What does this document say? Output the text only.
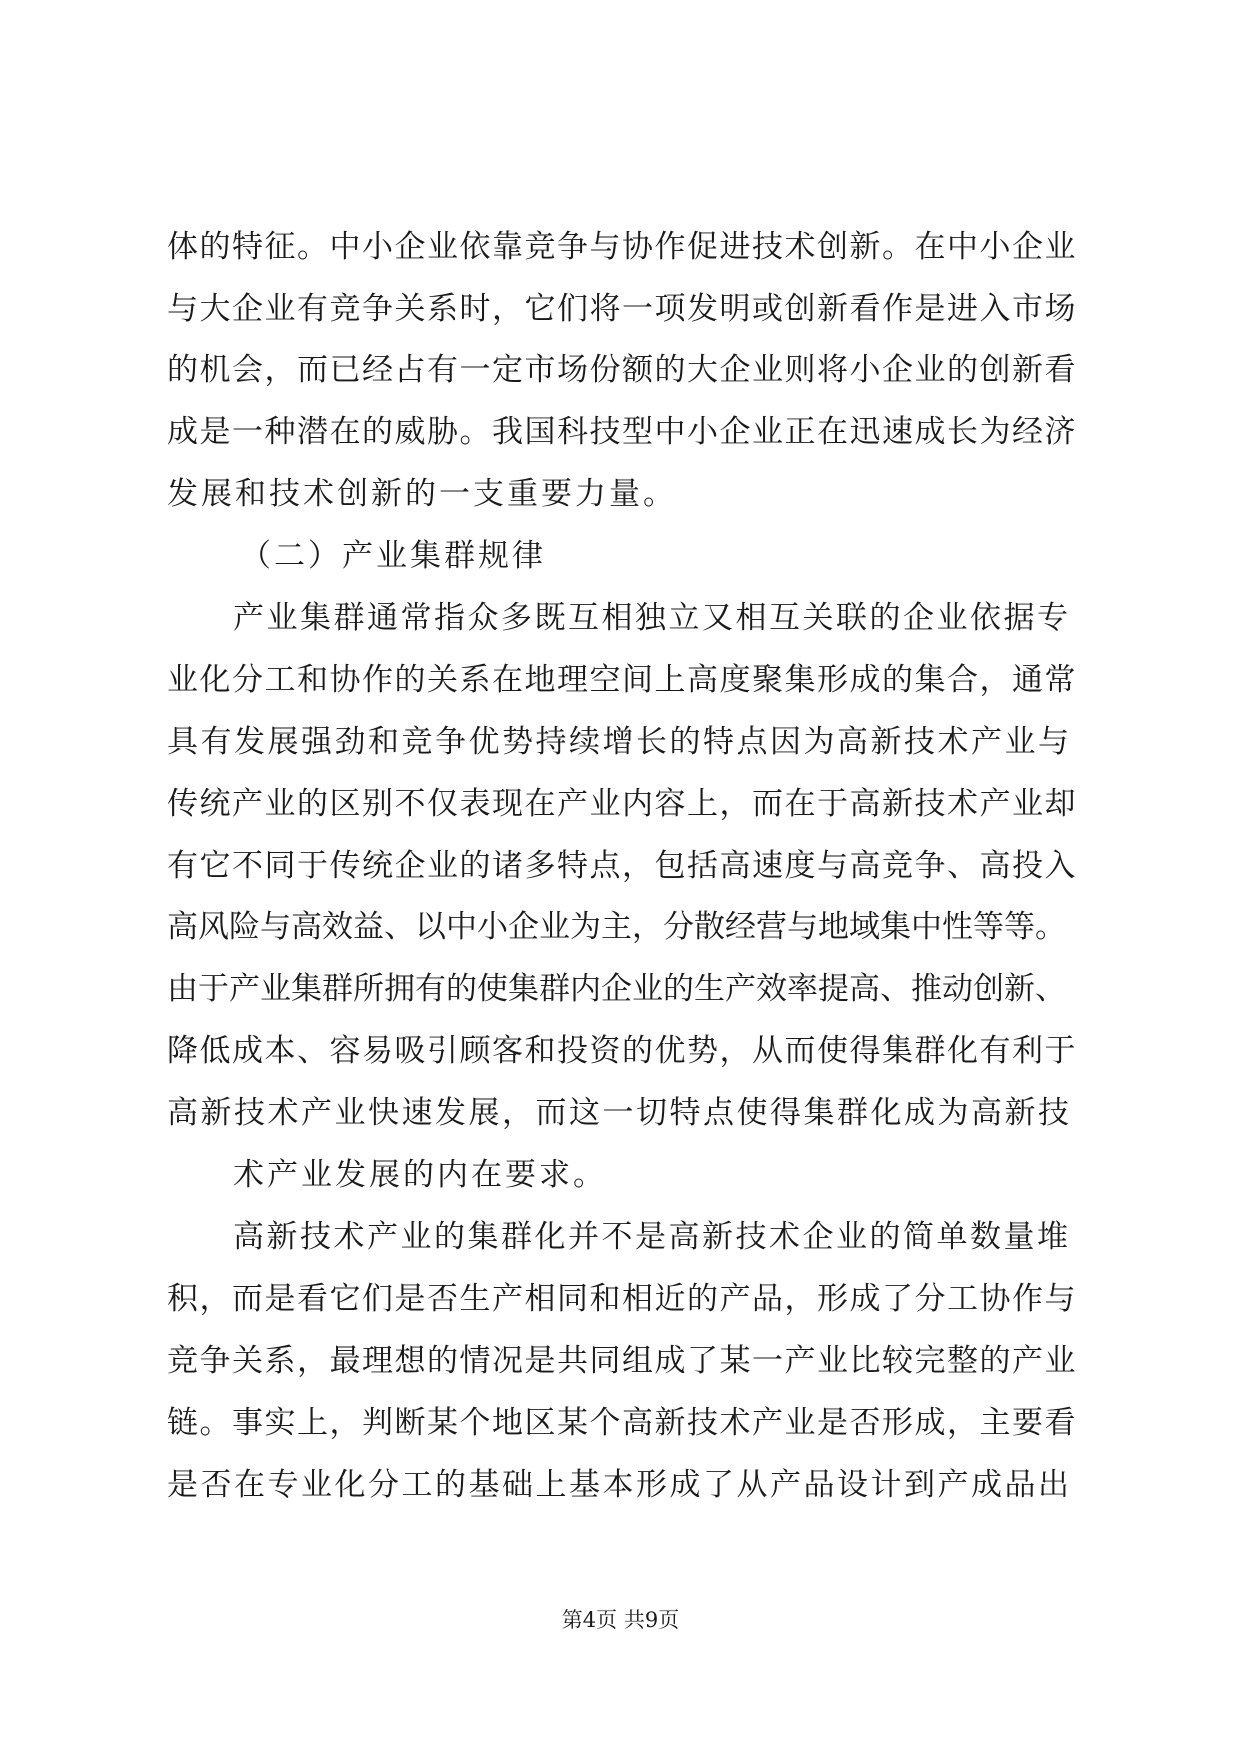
体的特征。中小企业依靠竞争与协作促进技术创新。在中小企业
与大企业有竞争关系时，它们将一项发明或创新看作是进入市场
的机会，而已经占有一定市场份额的大企业则将小企业的创新看
成是一种潜在的威胁。我国科技型中小企业正在迅速成长为经济
发展和技术创新的一支重要力量。
（二）产业集群规律
产业集群通常指众多既互相独立又相互关联的企业依据专
业化分工和协作的关系在地理空间上高度聚集形成的集合，通常
具有发展强劲和竞争优势持续增长的特点因为高新技术产业与
传统产业的区别不仅表现在产业内容上，而在于高新技术产业却
有它不同于传统企业的诸多特点，包括高速度与高竞争、高投入
高风险与高效益、以中小企业为主，分散经营与地域集中性等等。
由于产业集群所拥有的使集群内企业的生产效率提高、推动创新、
降低成本、容易吸引顾客和投资的优势，从而使得集群化有利于
高新技术产业快速发展，而这一切特点使得集群化成为高新技
术产业发展的内在要求。
高新技术产业的集群化并不是高新技术企业的简单数量堆
积，而是看它们是否生产相同和相近的产品，形成了分工协作与
竞争关系，最理想的情况是共同组成了某一产业比较完整的产业
链。事实上，判断某个地区某个高新技术产业是否形成，主要看
是否在专业化分工的基础上基本形成了从产品设计到产成品出
第4页 共9页
